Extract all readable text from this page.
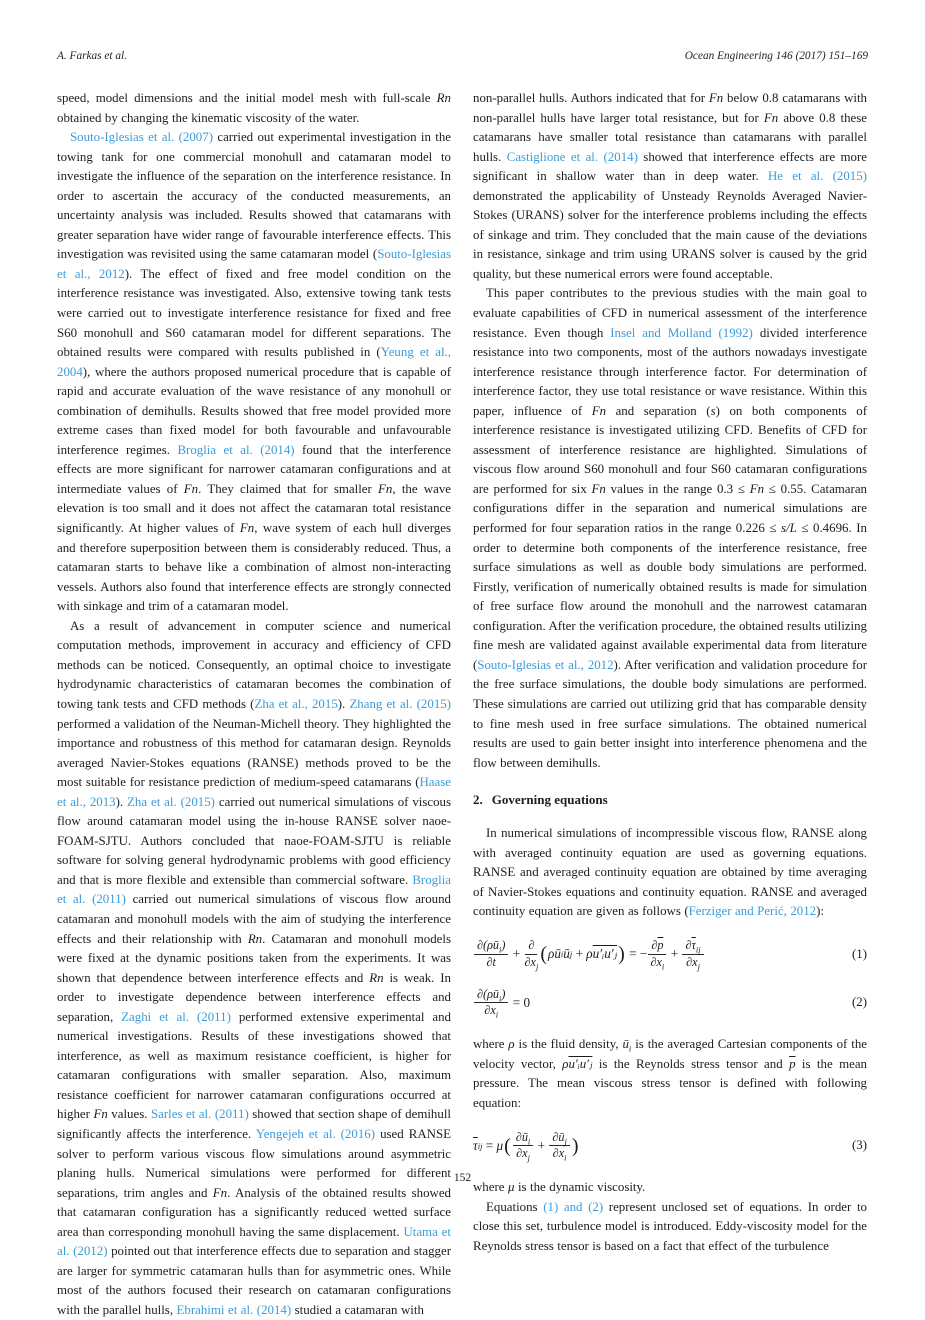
A. Farkas et al.	Ocean Engineering 146 (2017) 151–169

speed, model dimensions and the initial model mesh with full-scale Rn obtained by changing the kinematic viscosity of the water.

Souto-Iglesias et al. (2007) carried out experimental investigation in the towing tank for one commercial monohull and catamaran model to investigate the influence of the separation on the interference resistance. In order to ascertain the accuracy of the conducted measurements, an uncertainty analysis was included. Results showed that catamarans with greater separation have wider range of favourable interference effects. This investigation was revisited using the same catamaran model (Souto-Iglesias et al., 2012). The effect of fixed and free model condition on the interference resistance was investigated. Also, extensive towing tank tests were carried out to investigate interference resistance for fixed and free S60 monohull and S60 catamaran model for different separations. The obtained results were compared with results published in (Yeung et al., 2004), where the authors proposed numerical procedure that is capable of rapid and accurate evaluation of the wave resistance of any monohull or combination of demihulls. Results showed that free model provided more extreme cases than fixed model for both favourable and unfavourable interference regimes. Broglia et al. (2014) found that the interference effects are more significant for narrower catamaran configurations and at intermediate values of Fn. They claimed that for smaller Fn, the wave elevation is too small and it does not affect the catamaran total resistance significantly. At higher values of Fn, wave system of each hull diverges and therefore superposition between them is considerably reduced. Thus, a catamaran starts to behave like a combination of almost non-interacting vessels. Authors also found that interference effects are strongly connected with sinkage and trim of a catamaran model.

As a result of advancement in computer science and numerical computation methods, improvement in accuracy and efficiency of CFD methods can be noticed. Consequently, an optimal choice to investigate hydrodynamic characteristics of catamaran becomes the combination of towing tank tests and CFD methods (Zha et al., 2015). Zhang et al. (2015) performed a validation of the Neuman-Michell theory. They highlighted the importance and robustness of this method for catamaran design. Reynolds averaged Navier-Stokes equations (RANSE) methods proved to be the most suitable for resistance prediction of medium-speed catamarans (Haase et al., 2013). Zha et al. (2015) carried out numerical simulations of viscous flow around catamaran model using the in-house RANSE solver naoe-FOAM-SJTU. Authors concluded that naoe-FOAM-SJTU is reliable software for solving general hydrodynamic problems with good efficiency and that is more flexible and extensible than commercial software. Broglia et al. (2011) carried out numerical simulations of viscous flow around catamaran and monohull models with the aim of studying the interference effects and their relationship with Rn. Catamaran and monohull models were fixed at the dynamic positions taken from the experiments. It was shown that dependence between interference effects and Rn is weak. In order to investigate dependence between interference effects and separation, Zaghi et al. (2011) performed extensive experimental and numerical investigations. Results of these investigations showed that interference, as well as maximum resistance coefficient, is higher for catamaran configurations with smaller separation. Also, maximum resistance coefficient for narrower catamaran configurations occurred at higher Fn values. Sarles et al. (2011) showed that section shape of demihull significantly affects the interference. Yengejeh et al. (2016) used RANSE solver to perform various viscous flow simulations around asymmetric planing hulls. Numerical simulations were performed for different separations, trim angles and Fn. Analysis of the obtained results showed that catamaran configuration has a significantly reduced wetted surface area than corresponding monohull having the same displacement. Utama et al. (2012) pointed out that interference effects due to separation and stagger are larger for symmetric catamaran hulls than for asymmetric ones. While most of the authors focused their research on catamaran configurations with the parallel hulls, Ebrahimi et al. (2014) studied a catamaran with

non-parallel hulls. Authors indicated that for Fn below 0.8 catamarans with non-parallel hulls have larger total resistance, but for Fn above 0.8 these catamarans have smaller total resistance than catamarans with parallel hulls. Castiglione et al. (2014) showed that interference effects are more significant in shallow water than in deep water. He et al. (2015) demonstrated the applicability of Unsteady Reynolds Averaged Navier-Stokes (URANS) solver for the interference problems including the effects of sinkage and trim. They concluded that the main cause of the deviations in resistance, sinkage and trim using URANS solver is caused by the grid quality, but these numerical errors were found acceptable.

This paper contributes to the previous studies with the main goal to evaluate capabilities of CFD in numerical assessment of the interference resistance. Even though Insel and Molland (1992) divided interference resistance into two components, most of the authors nowadays investigate interference resistance through interference factor. For determination of interference factor, they use total resistance or wave resistance. Within this paper, influence of Fn and separation (s) on both components of interference resistance is investigated utilizing CFD. Benefits of CFD for assessment of interference resistance are highlighted. Simulations of viscous flow around S60 monohull and four S60 catamaran configurations are performed for six Fn values in the range 0.3 ≤ Fn ≤ 0.55. Catamaran configurations differ in the separation and numerical simulations are performed for four separation ratios in the range 0.226 ≤ s/L ≤ 0.4696. In order to determine both components of the interference resistance, free surface simulations as well as double body simulations are performed. Firstly, verification of numerically obtained results is made for simulation of free surface flow around the monohull and the narrowest catamaran configuration. After the verification procedure, the obtained results utilizing fine mesh are validated against available experimental data from literature (Souto-Iglesias et al., 2012). After verification and validation procedure for the free surface simulations, the double body simulations are performed. These simulations are carried out utilizing grid that has comparable density to fine mesh used in free surface simulations. The obtained numerical results are used to gain better insight into interference phenomena and the flow between demihulls.

2. Governing equations

In numerical simulations of incompressible viscous flow, RANSE along with averaged continuity equation are used as governing equations. RANSE and averaged continuity equation are obtained by time averaging of Navier-Stokes equations and continuity equation. RANSE and averaged continuity equation are given as follows (Ferziger and Perić, 2012):

$\frac{\partial(\rho ū_i)}{\partial t} + \frac{\partial}{\partial x_j}$ ( ρū i ū j + ρ u′ᵢu′ⱼ ) = − $\frac{\partial\overline{p}}{\partial x_i} + \frac{\partial\overline{\tau}_{ij}}{\partial x_j}$	(1)
$\frac{\partial(\rho ū_i)}{\partial x_i} = 0$	(2)

where ρ is the fluid density, $ū_i$ is the averaged Cartesian components of the velocity vector, ρu′ᵢu′ⱼ is the Reynolds stress tensor and $\overline{p}$ is the mean pressure. The mean viscous stress tensor is defined with following equation:

$\overline{\tau}$ ij = μ ( $\frac{\partial ū_i}{\partial x_j} + \frac{\partial ū_j}{\partial x_i}$ )	(3)

where μ is the dynamic viscosity.

Equations (1) and (2) represent unclosed set of equations. In order to close this set, turbulence model is introduced. Eddy-viscosity model for the Reynolds stress tensor is based on a fact that effect of the turbulence

152
